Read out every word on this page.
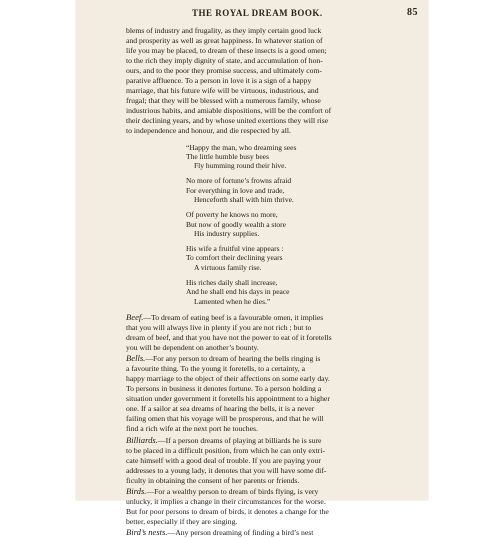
THE ROYAL DREAM BOOK.	85

blems of industry and frugality, as they imply certain good luck
and prosperity as well as great happiness. In whatever station of
life you may be placed, to dream of these insects is a good omen;
to the rich they imply dignity of state, and accumulation of hon-
ours, and to the poor they promise success, and ultimately com-
parative affluence. To a person in love it is a sign of a happy
marriage, that his future wife will be virtuous, industrious, and
frugal; that they will be blessed with a numerous family, whose
industrious habits, and amiable dispositions, will be the comfort of
their declining years, and by whose united exertions they will rise
to independence and honour, and die respected by all.

“Happy the man, who dreaming sees
The little humble busy bees
Fly humming round their hive.
No more of fortune’s frowns afraid
For everything in love and trade,
Henceforth shall with him thrive.
Of poverty he knows no more,
But now of goodly wealth a store
His industry supplies.
His wife a fruitful vine appears :
To comfort their declining years
A virtuous family rise.
His riches daily shall increase,
And he shall end his days in peace
Lamented when he dies.”

Beef.—To dream of eating beef is a favourable omen, it implies
that you will always live in plenty if you are not rich ; but to
dream of beef, and that you have not the power to eat of it foretells
you will be dependent on another’s bounty.

Bells.—For any person to dream of hearing the bells ringing is
a favourite thing. To the young it foretells, to a certainty, a
happy marriage to the object of their affections on some early day.
To persons in business it denotes fortune. To a person holding a
situation under government it foretells his appointment to a higher
one. If a sailor at sea dreams of hearing the bells, it is a never
failing omen that his voyage will be prosperous, and that he will
find a rich wife at the next port he touches.

Billiards.—If a person dreams of playing at billiards he is sure
to be placed in a difficult position, from which he can only extri-
cate himself with a good deal of trouble. If you are paying your
addresses to a young lady, it denotes that you will have some dif-
ficulty in obtaining the consent of her parents or friends.

Birds.—For a wealthy person to dream of birds flying, is very
unlucky, it implies a change in their circumstances for the worse.
But for poor persons to dream of birds, it denotes a change for the
better, especially if they are singing.

Bird’s nests.—Any person dreaming of finding a bird’s nest
